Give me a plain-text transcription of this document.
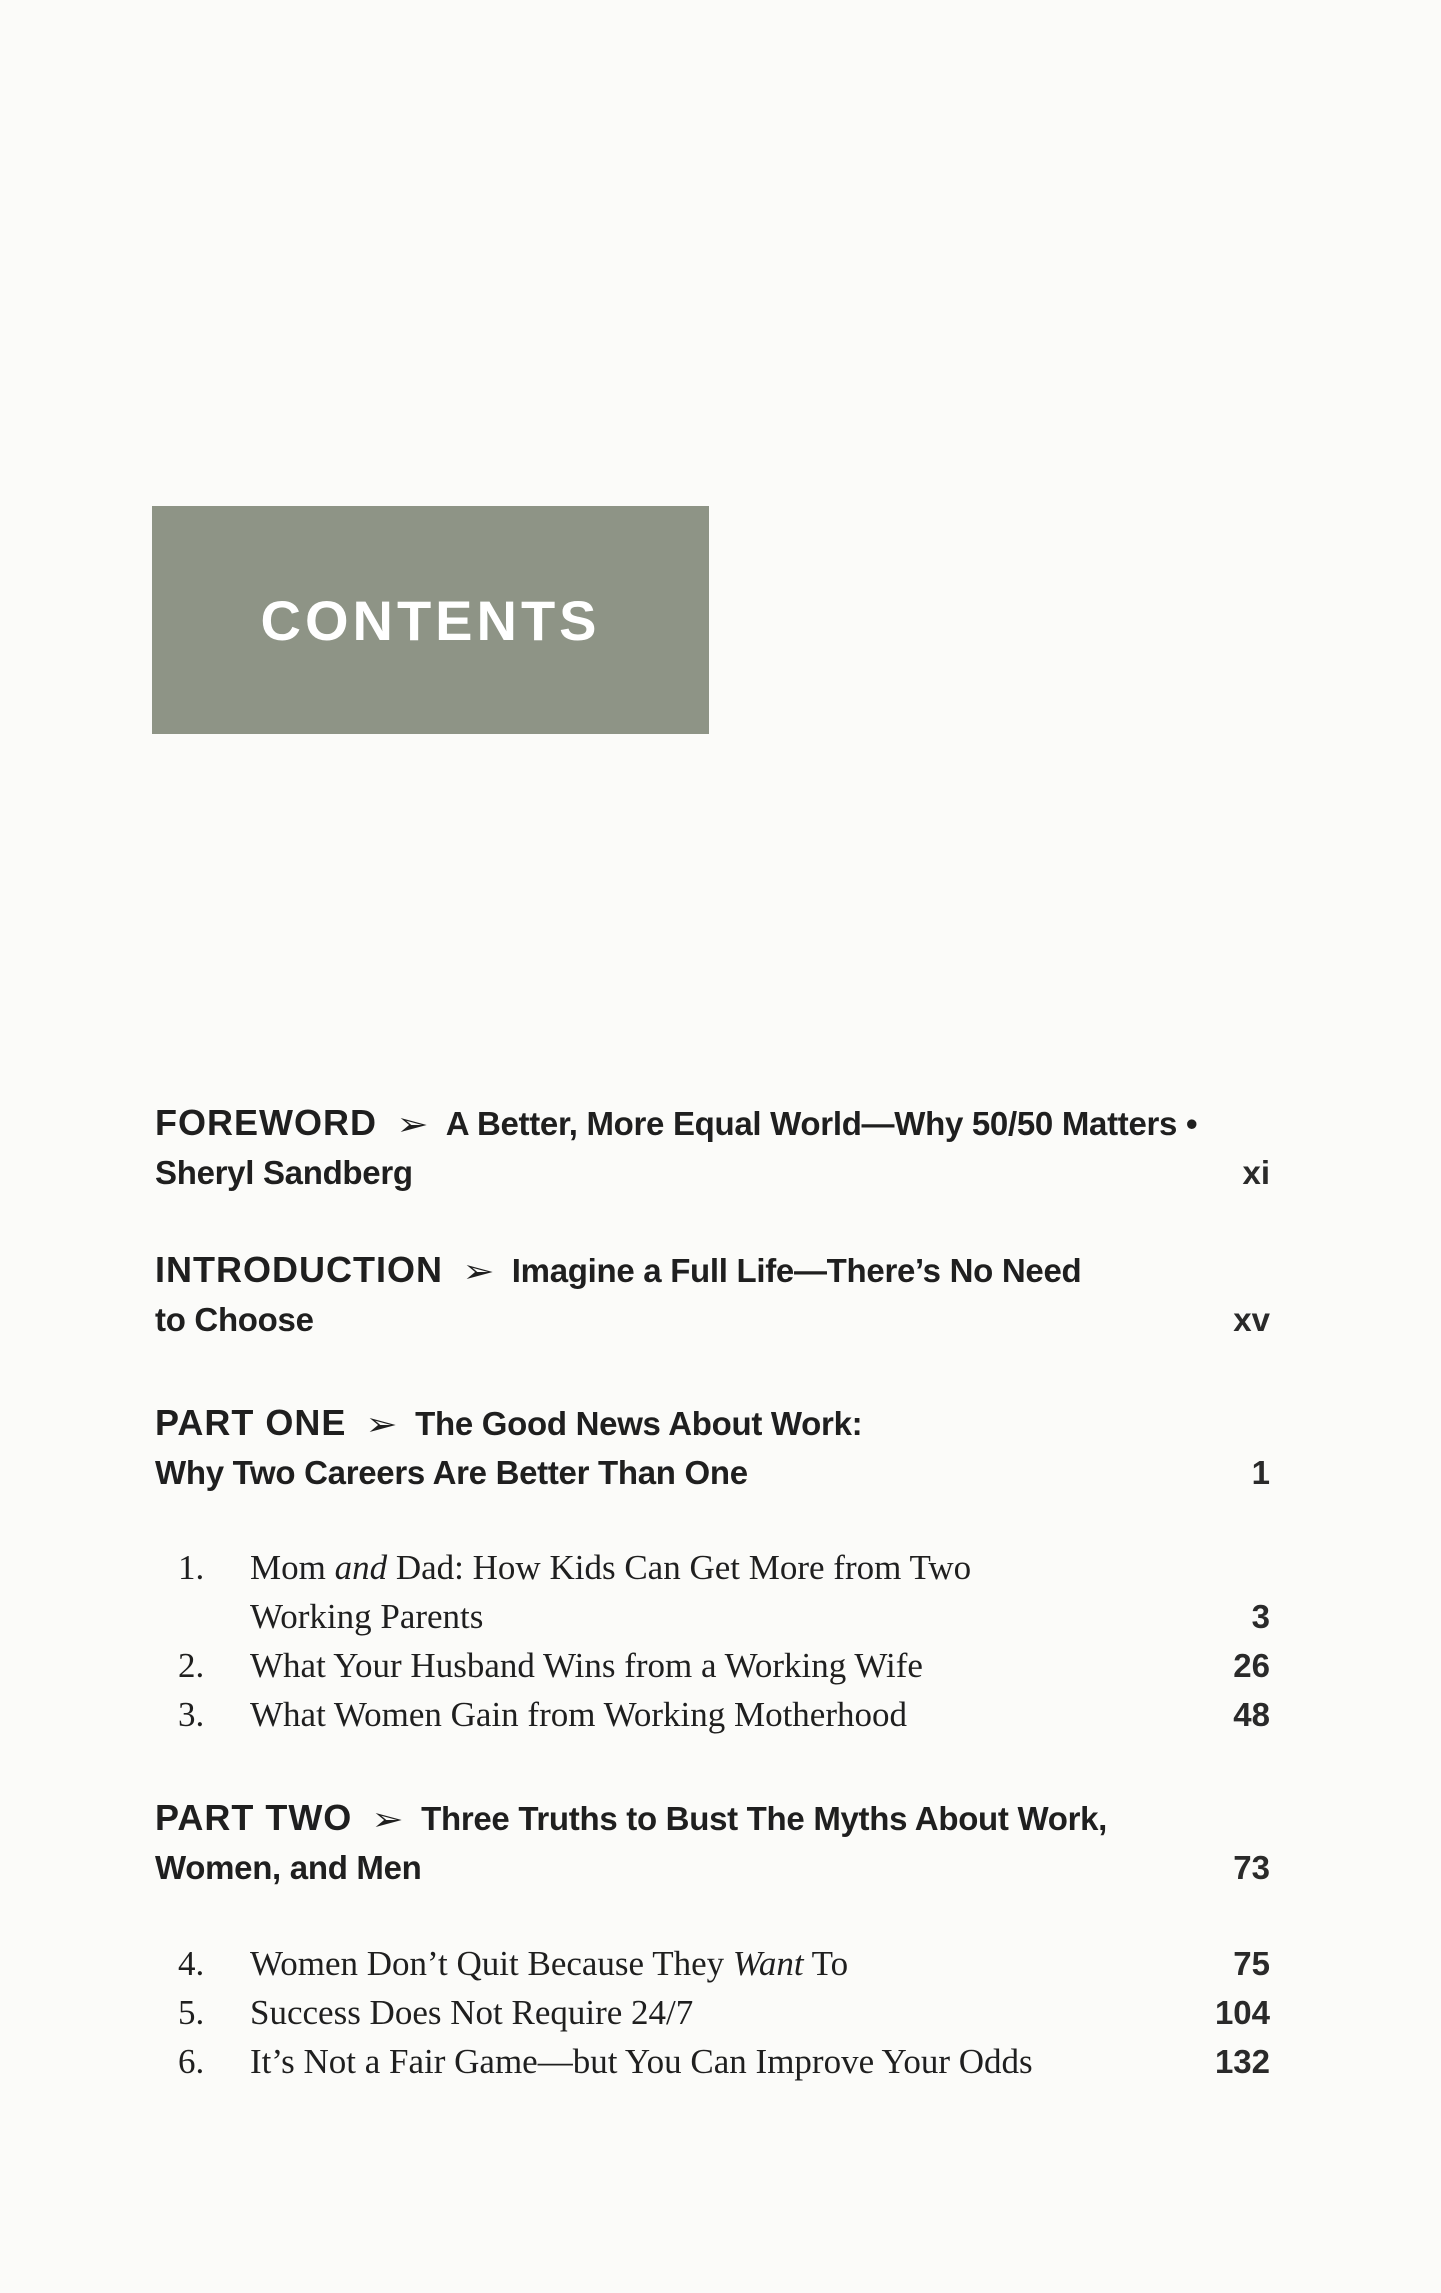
CONTENTS
FOREWORD ➢ A Better, More Equal World—Why 50/50 Matters •
Sheryl Sandberg	xi
INTRODUCTION ➢ Imagine a Full Life—There’s No Need
to Choose	xv
PART ONE ➢ The Good News About Work:
Why Two Careers Are Better Than One	1
1. Mom and Dad: How Kids Can Get More from Two
Working Parents	3
2. What Your Husband Wins from a Working Wife	26
3. What Women Gain from Working Motherhood	48
PART TWO ➢ Three Truths to Bust The Myths About Work,
Women, and Men	73
4. Women Don’t Quit Because They Want To	75
5. Success Does Not Require 24/7	104
6. It’s Not a Fair Game—but You Can Improve Your Odds	132
